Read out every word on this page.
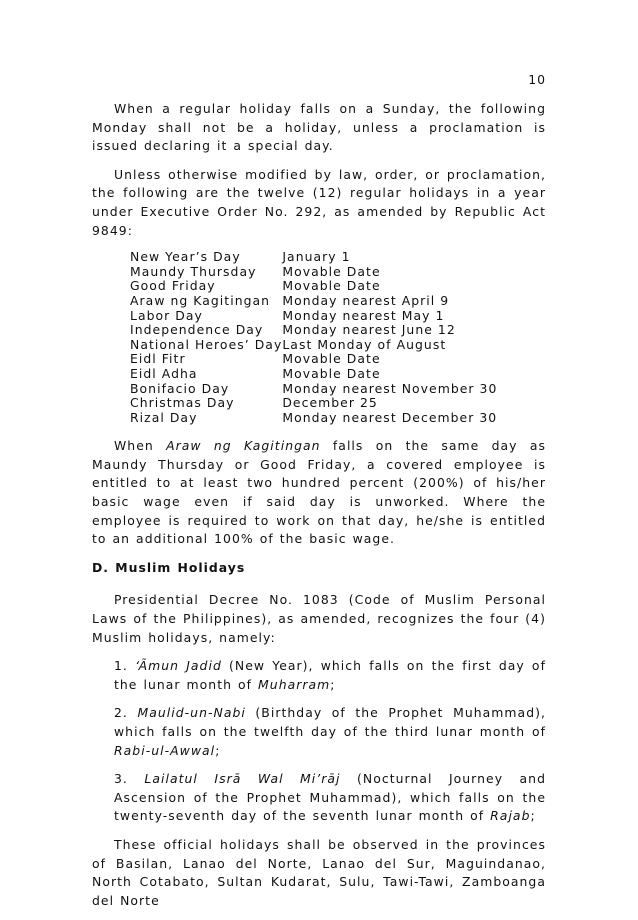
10

When a regular holiday falls on a Sunday, the following Monday shall not be a holiday, unless a proclamation is issued declaring it a special day.

Unless otherwise modified by law, order, or proclamation, the following are the twelve (12) regular holidays in a year under Executive Order No. 292, as amended by Republic Act 9849:

New Year’s Day	January 1
Maundy Thursday	Movable Date
Good Friday	Movable Date
Araw ng Kagitingan	Monday nearest April 9
Labor Day	Monday nearest May 1
Independence Day	Monday nearest June 12
National Heroes’ Day	Last Monday of August
Eidl Fitr	Movable Date
Eidl Adha	Movable Date
Bonifacio Day	Monday nearest November 30
Christmas Day	December 25
Rizal Day	Monday nearest December 30

When Araw ng Kagitingan falls on the same day as Maundy Thursday or Good Friday, a covered employee is entitled to at least two hundred percent (200%) of his/her basic wage even if said day is unworked. Where the employee is required to work on that day, he/she is entitled to an additional 100% of the basic wage.

D. Muslim Holidays

Presidential Decree No. 1083 (Code of Muslim Personal Laws of the Philippines), as amended, recognizes the four (4) Muslim holidays, namely:

1. ‘Ãmun Jadid (New Year), which falls on the first day of the lunar month of Muharram;

2. Maulid-un-Nabi (Birthday of the Prophet Muhammad), which falls on the twelfth day of the third lunar month of Rabi-ul-Awwal;

3. Lailatul Isrā Wal Mi’rāj (Nocturnal Journey and Ascension of the Prophet Muhammad), which falls on the twenty-seventh day of the seventh lunar month of Rajab;

These official holidays shall be observed in the provinces of Basilan, Lanao del Norte, Lanao del Sur, Maguindanao, North Cotabato, Sultan Kudarat, Sulu, Tawi-Tawi, Zamboanga del Norte
